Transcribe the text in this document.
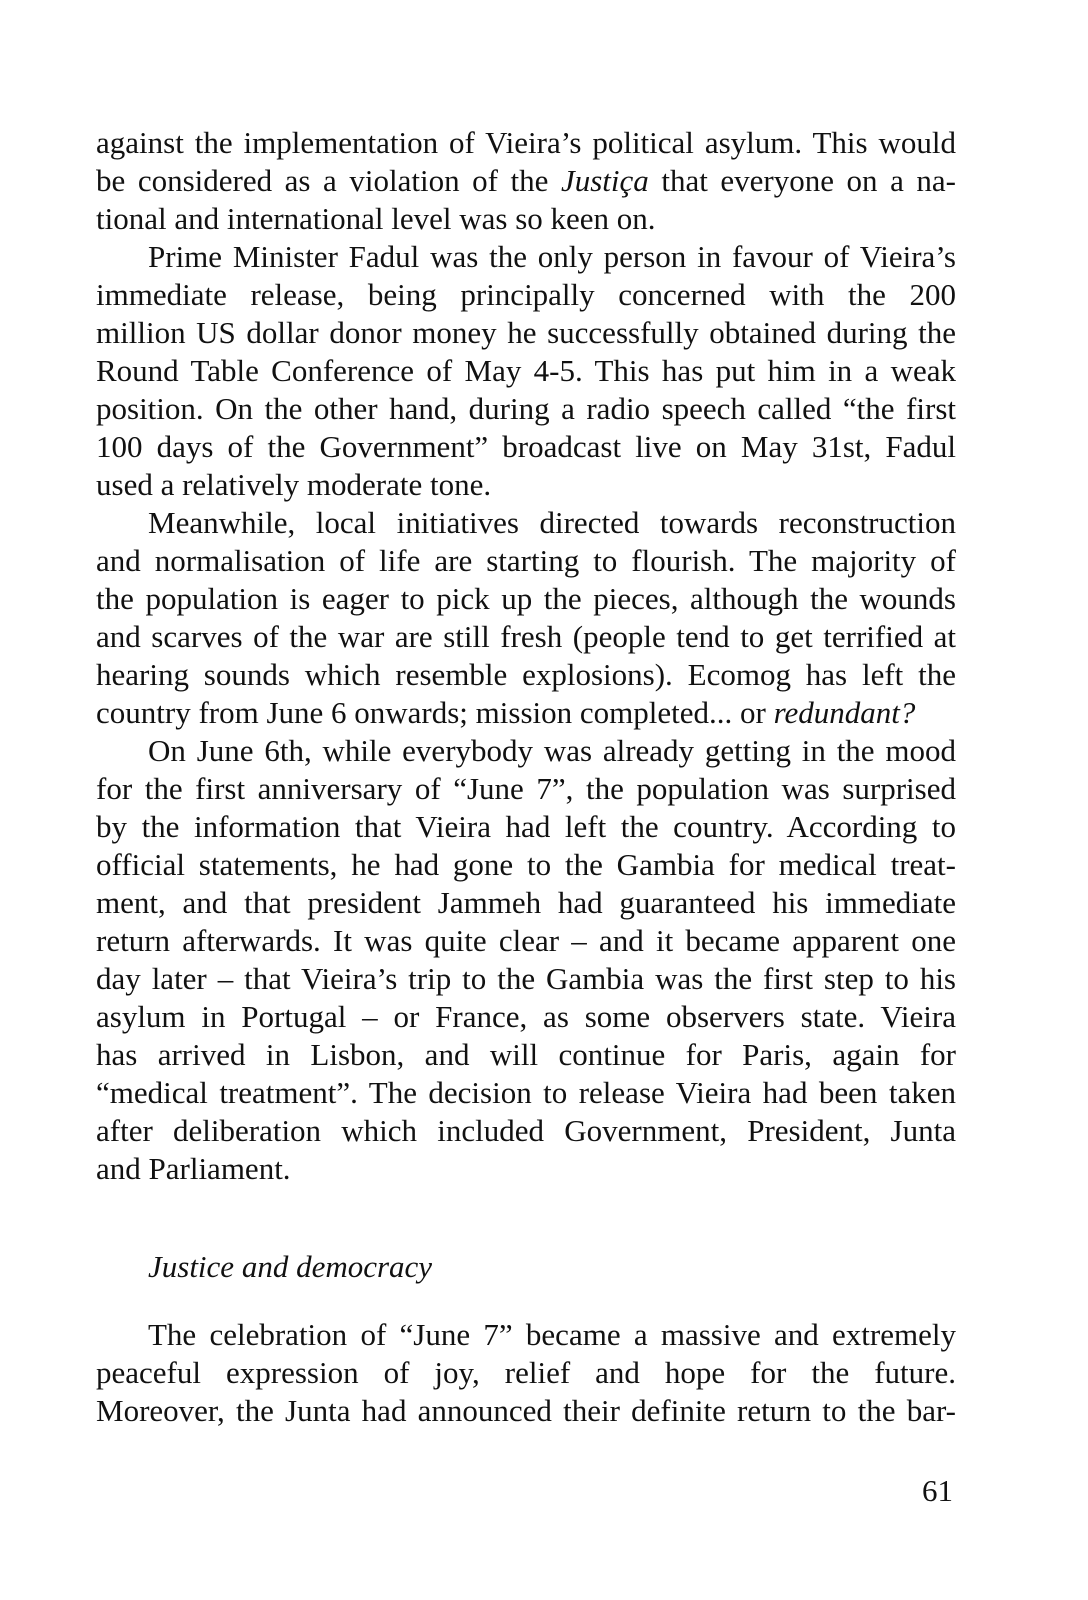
against the implementation of Vieira’s political asylum. This would
be considered as a violation of the Justiça that everyone on a na-
tional and international level was so keen on.
Prime Minister Fadul was the only person in favour of Vieira’s
immediate release, being principally concerned with the 200
million US dollar donor money he successfully obtained during the
Round Table Conference of May 4-5. This has put him in a weak
position. On the other hand, during a radio speech called “the first
100 days of the Government” broadcast live on May 31st, Fadul
used a relatively moderate tone.
Meanwhile, local initiatives directed towards reconstruction
and normalisation of life are starting to flourish. The majority of
the population is eager to pick up the pieces, although the wounds
and scarves of the war are still fresh (people tend to get terrified at
hearing sounds which resemble explosions). Ecomog has left the
country from June 6 onwards; mission completed... or redundant?
On June 6th, while everybody was already getting in the mood
for the first anniversary of “June 7”, the population was surprised
by the information that Vieira had left the country. According to
official statements, he had gone to the Gambia for medical treat-
ment, and that president Jammeh had guaranteed his immediate
return afterwards. It was quite clear – and it became apparent one
day later – that Vieira’s trip to the Gambia was the first step to his
asylum in Portugal – or France, as some observers state. Vieira
has arrived in Lisbon, and will continue for Paris, again for
“medical treatment”. The decision to release Vieira had been taken
after deliberation which included Government, President, Junta
and Parliament.
Justice and democracy
The celebration of “June 7” became a massive and extremely
peaceful expression of joy, relief and hope for the future.
Moreover, the Junta had announced their definite return to the bar-
61
